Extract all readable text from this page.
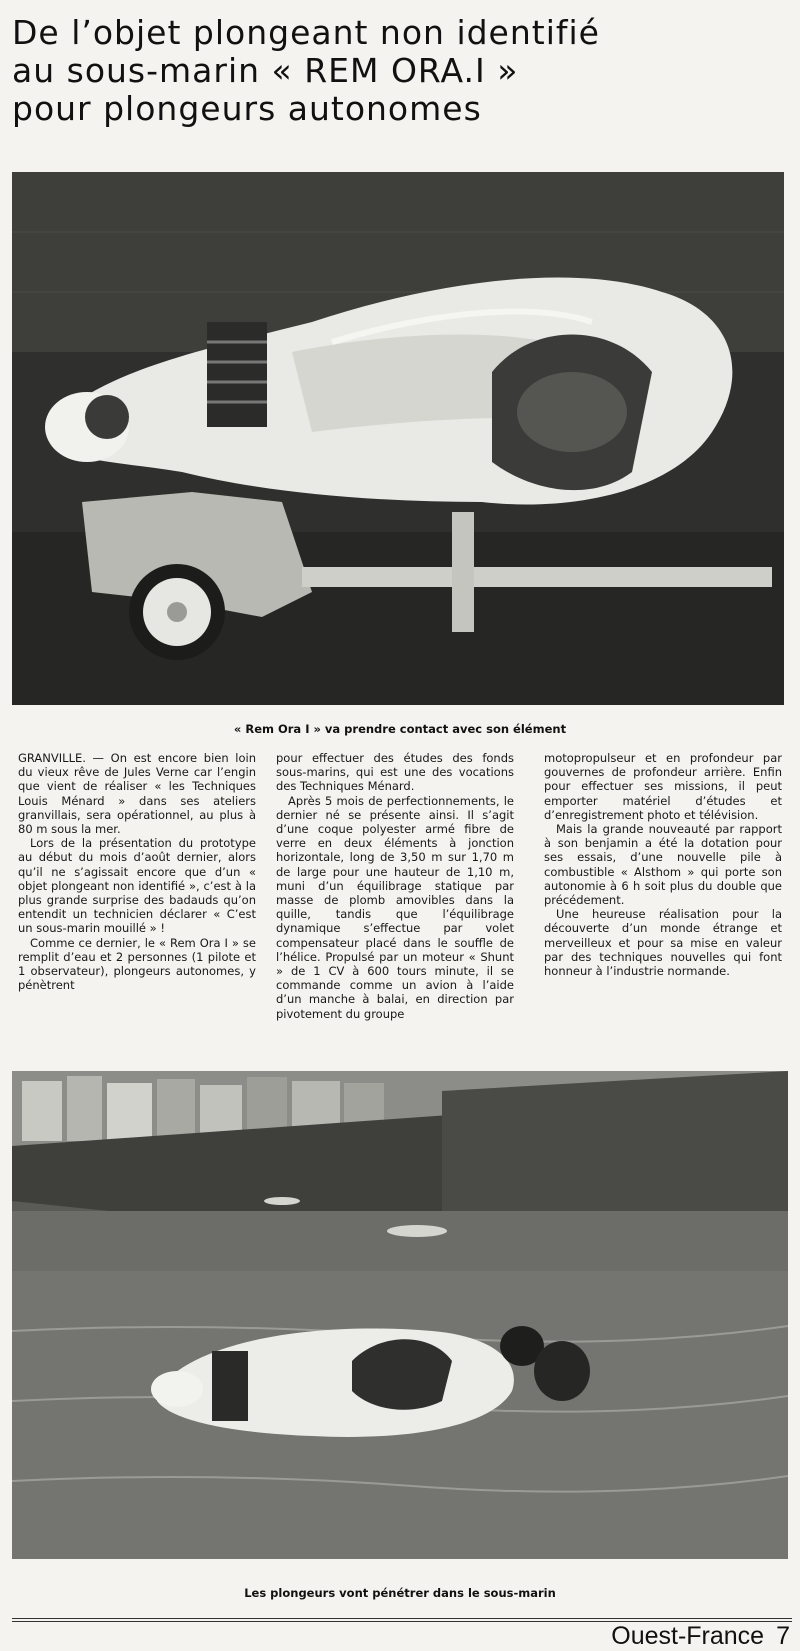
De l’objet plongeant non identifié
au sous-marin « REM ORA.I »
pour plongeurs autonomes
« Rem Ora I » va prendre contact avec son élément

GRANVILLE. — On est encore bien loin du vieux rêve de Jules Verne car l’engin que vient de réaliser « les Techniques Louis Ménard » dans ses ateliers granvillais, sera opérationnel, au plus à 80 m sous la mer.

Lors de la présentation du prototype au début du mois d’août dernier, alors qu’il ne s’agissait encore que d’un « objet plongeant non identifié », c’est à la plus grande surprise des badauds qu’on entendit un technicien déclarer « C’est un sous-marin mouillé » !

Comme ce dernier, le « Rem Ora I » se remplit d’eau et 2 personnes (1 pilote et 1 observateur), plongeurs autonomes, y pénètrent

pour effectuer des études des fonds sous-marins, qui est une des vocations des Techniques Ménard.

Après 5 mois de perfectionnements, le dernier né se présente ainsi. Il s’agit d’une coque polyester armé fibre de verre en deux éléments à jonction horizontale, long de 3,50 m sur 1,70 m de large pour une hauteur de 1,10 m, muni d’un équilibrage statique par masse de plomb amovibles dans la quille, tandis que l’équilibrage dynamique s’effectue par volet compensateur placé dans le souffle de l’hélice. Propulsé par un moteur « Shunt » de 1 CV à 600 tours minute, il se commande comme un avion à l’aide d’un manche à balai, en direction par pivotement du groupe

motopropulseur et en profondeur par gouvernes de profondeur arrière. Enfin pour effectuer ses missions, il peut emporter matériel d’études et d’enregistrement photo et télévision.

Mais la grande nouveauté par rapport à son benjamin a été la dotation pour ses essais, d’une nouvelle pile à combustible « Alsthom » qui porte son autonomie à 6 h soit plus du double que précédement.

Une heureuse réalisation pour la découverte d’un monde étrange et merveilleux et pour sa mise en valeur par des techniques nouvelles qui font honneur à l’industrie normande.

Les plongeurs vont pénétrer dans le sous-marin
Ouest-France 7
